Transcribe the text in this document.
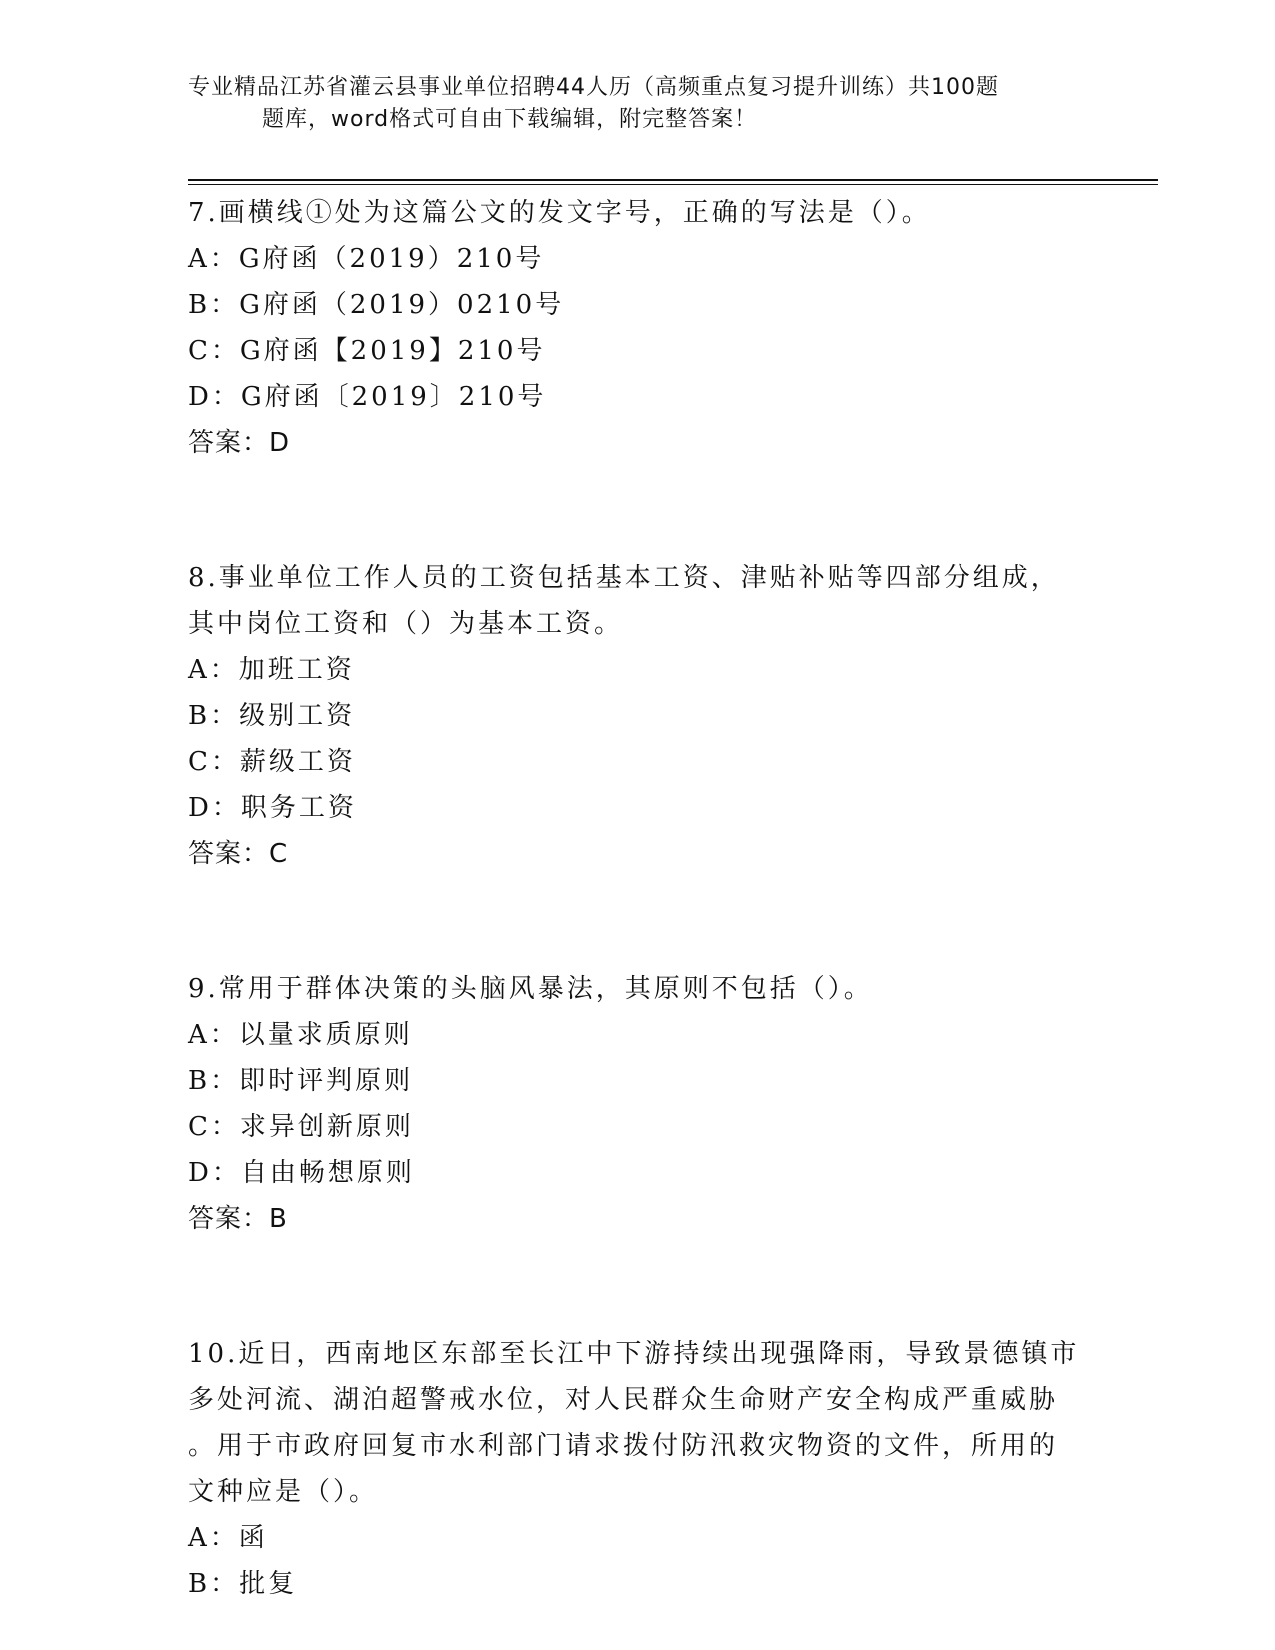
专业精品江苏省灌云县事业单位招聘44人历（高频重点复习提升训练）共100题
题库，word格式可自由下载编辑，附完整答案！
7.画横线①处为这篇公文的发文字号，正确的写法是（）。
A：G府函（2019）210号
B：G府函（2019）0210号
C：G府函【2019】210号
D：G府函〔2019〕210号
答案：D
8.事业单位工作人员的工资包括基本工资、津贴补贴等四部分组成，
其中岗位工资和（）为基本工资。
A：加班工资
B：级别工资
C：薪级工资
D：职务工资
答案：C
9.常用于群体决策的头脑风暴法，其原则不包括（）。
A：以量求质原则
B：即时评判原则
C：求异创新原则
D：自由畅想原则
答案：B
10.近日，西南地区东部至长江中下游持续出现强降雨，导致景德镇市
多处河流、湖泊超警戒水位，对人民群众生命财产安全构成严重威胁
。用于市政府回复市水利部门请求拨付防汛救灾物资的文件，所用的
文种应是（）。
A：函
B：批复
